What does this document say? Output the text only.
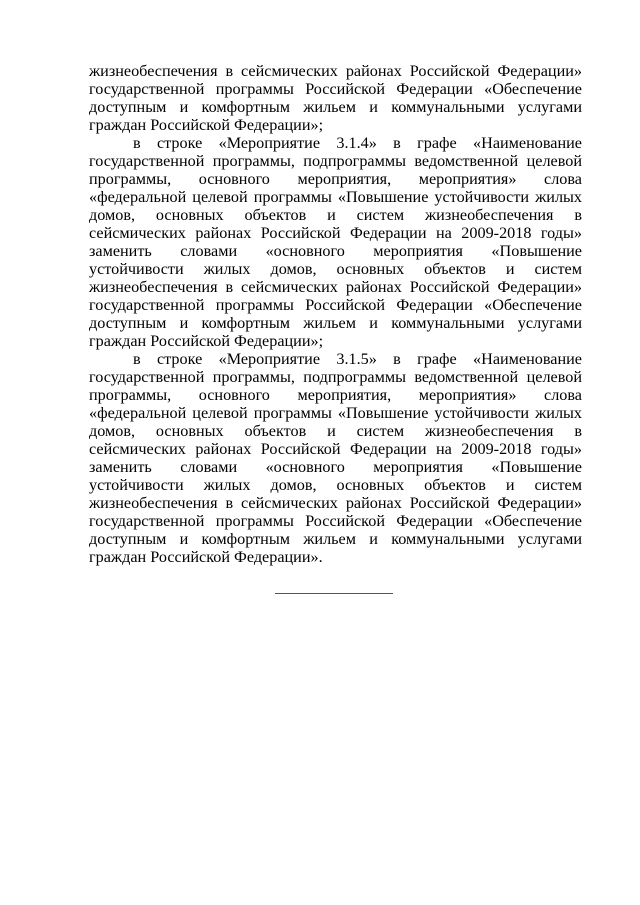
жизнеобеспечения в сейсмических районах Российской Федерации» государственной программы Российской Федерации «Обеспечение доступным и комфортным жильем и коммунальными услугами граждан Российской Федерации»;

в строке «Мероприятие 3.1.4» в графе «Наименование государственной программы, подпрограммы ведомственной целевой программы, основного мероприятия, мероприятия» слова «федеральной целевой программы «Повышение устойчивости жилых домов, основных объектов и систем жизнеобеспечения в сейсмических районах Российской Федерации на 2009-2018 годы» заменить словами «основного мероприятия «Повышение устойчивости жилых домов, основных объектов и систем жизнеобеспечения в сейсмических районах Российской Федерации» государственной программы Российской Федерации «Обеспечение доступным и комфортным жильем и коммунальными услугами граждан Российской Федерации»;

в строке «Мероприятие 3.1.5» в графе «Наименование государственной программы, подпрограммы ведомственной целевой программы, основного мероприятия, мероприятия» слова «федеральной целевой программы «Повышение устойчивости жилых домов, основных объектов и систем жизнеобеспечения в сейсмических районах Российской Федерации на 2009-2018 годы» заменить словами «основного мероприятия «Повышение устойчивости жилых домов, основных объектов и систем жизнеобеспечения в сейсмических районах Российской Федерации» государственной программы Российской Федерации «Обеспечение доступным и комфортным жильем и коммунальными услугами граждан Российской Федерации».
